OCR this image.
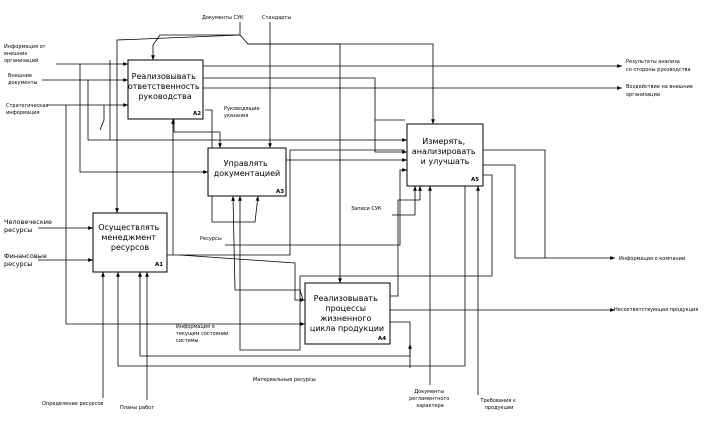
Реализовывать ответственность руководства
A2
Управлять документацией
A3
Измерять, анализировать и улучшать
A5
Осуществлять менеджмент ресурсов
A1
Реализовывать процессы жизненного цикла продукции
A4
Информация от внешних организаций
Внешние документы
Стратегическая информация
Человеческие ресурсы
Финансовые ресурсы
Документы СУК	Стандарты
Руководящие указания
Записи СУК
Ресурсы
Информация о текущем состоянии системы
Материальные ресурсы
Результаты анализа со стороны руководства
Воздействие на внешние организации
Информация о компании
Несоответствующая продукция
Определение ресурсов
Планы работ
Документы регламентного характера
Требования к продукции
